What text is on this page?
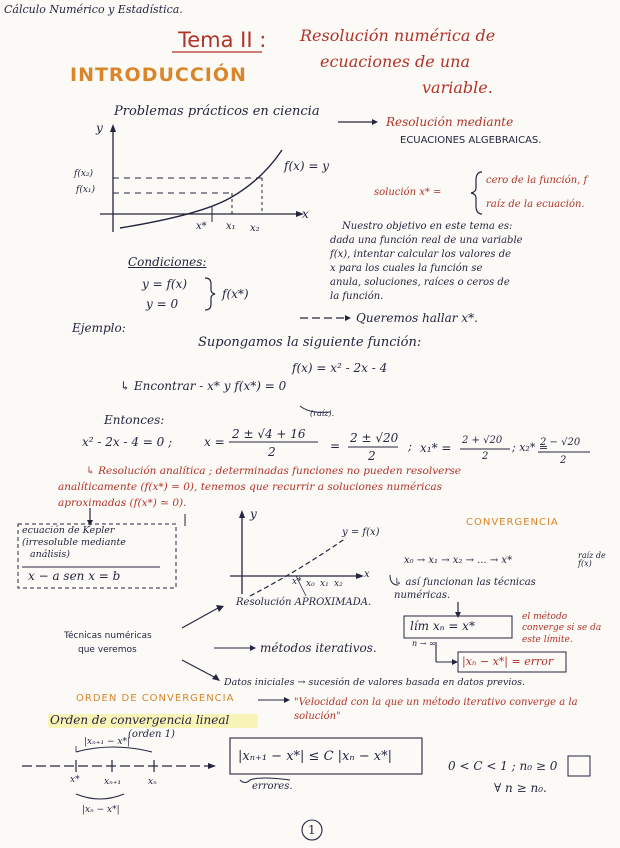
Cálculo Numérico y Estadística.
Tema II : Resolución numérica de
ecuaciones de una
variable.
INTRODUCCIÓN
Problemas prácticos en ciencia
Resolución mediante
ECUACIONES ALGEBRAICAS.
y
f(x₂)
f(x₁)
f(x) = y
x
x* x₁ x₂
solución x* =
cero de la función, f
raíz de la ecuación.
Nuestro objetivo en este tema es:
dada una función real de una variable
f(x), intentar calcular los valores de
x para los cuales la función se
anula, soluciones, raíces o ceros de
la función.
Condiciones:
y = f(x)
y = 0
f(x*)
Queremos hallar x*.
Ejemplo:
Supongamos la siguiente función:
f(x) = x² - 2x - 4
↳ Encontrar - x* y f(x*) = 0
(raíz).
Entonces:
x² - 2x - 4 = 0 ;	x =
2 ± √4 + 16
2	=
2 ± √20
2
; x₁* =
2 + √20
2
; x₂* =
2 − √20
2
↳ Resolución analítica ; determinadas funciones no pueden resolverse
analíticamente (f(x*) = 0), tenemos que recurrir a soluciones numéricas
aproximadas (f(x*) ≃ 0).
ecuación de Kepler
(irresoluble mediante
análisis)
x − a sen x = b
CONVERGENCIA
y
y = f(x)
x
x* x₀ x₁ x₂
x₀ → x₁ → x₂ → ... → x*	raíz de f(x)
↳ así funcionan las técnicas numéricas.
lím xₙ = x*
n → ∞
el método converge si se da este límite.
|xₙ − x*| = error
Técnicas numéricas
que veremos
Resolución APROXIMADA.
métodos iterativos.
Datos iniciales → sucesión de valores basada en datos previos.
ORDEN DE CONVERGENCIA	"Velocidad con la que un método iterativo converge a la solución"
Orden de convergencia lineal
(orden 1)
|xₙ₊₁ − x*| ≤ C |xₙ − x*|
0 < C < 1 ; n₀ ≥ 0
∀ n ≥ n₀.
errores.
|xₙ₊₁ − x*|
|xₙ − x*|
x*	xₙ₊₁	xₙ
1
